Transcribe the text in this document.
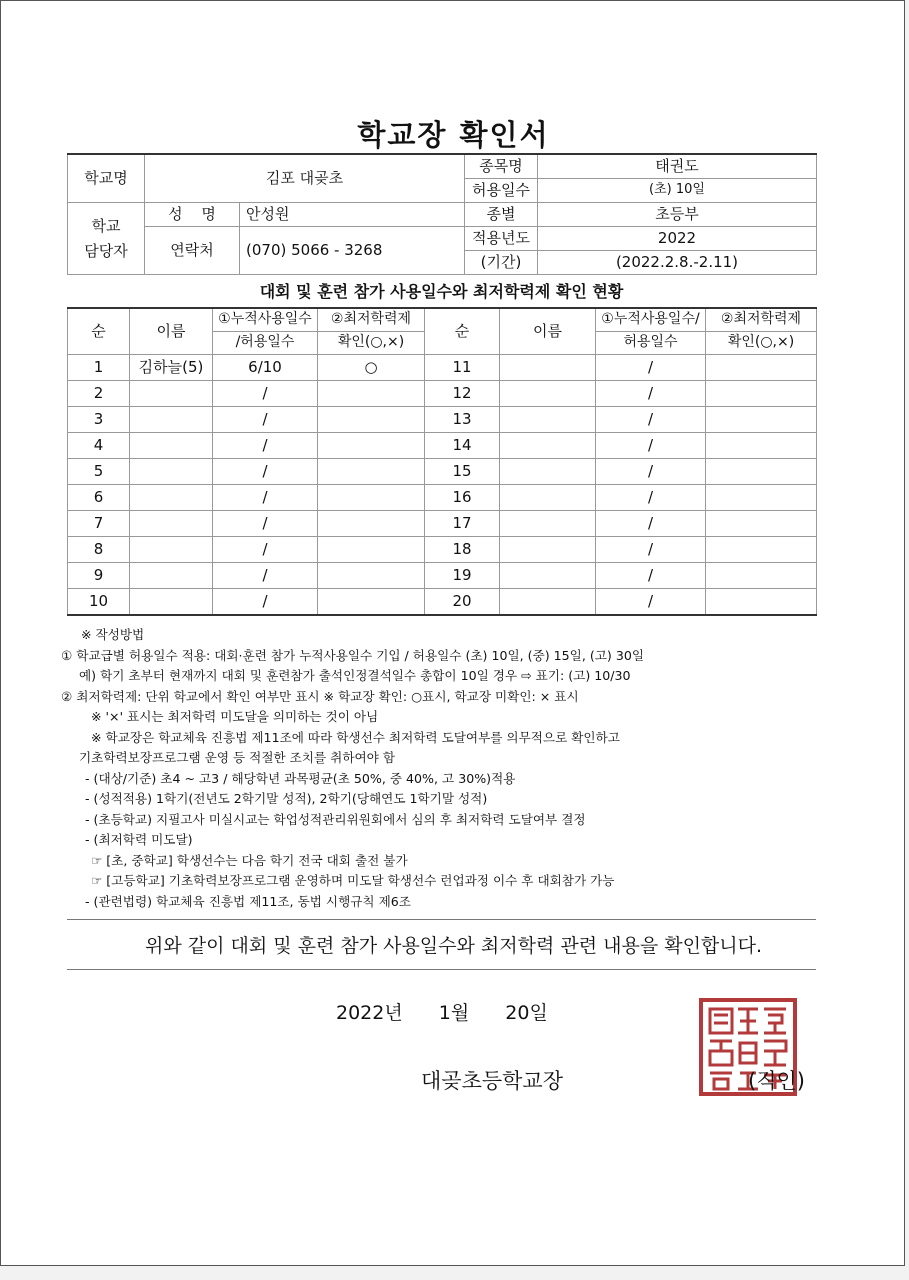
학교장 확인서
학교명	김포 대곶초		종목명	태권도
			허용일수	(초) 10일

학교
담당자	성 명	안성원	종별	초등부
	연락처	(070) 5066 - 3268	적용년도	2022
			(기간)	(2022.2.8.-2.11)
대회 및 훈련 참가 사용일수와 최저학력제 확인 현황
순	이름	①누적사용일수	②최저학력제	순	이름	①누적사용일수/	②최저학력제
		/허용일수	확인(○,×)			허용일수	확인(○,×)
1	김하늘(5)	6/10	○	11		/	
2		/		12		/	
3		/		13		/	
4		/		14		/	
5		/		15		/	
6		/		16		/	
7		/		17		/	
8		/		18		/	
9		/		19		/	
10		/		20		/	
※ 작성방법
① 학교급별 허용일수 적용: 대회·훈련 참가 누적사용일수 기입 / 허용일수 (초) 10일, (중) 15일, (고) 30일
예) 학기 초부터 현재까지 대회 및 훈련참가 출석인정결석일수 총합이 10일 경우 ⇨ 표기: (고) 10/30
② 최저학력제: 단위 학교에서 확인 여부만 표시 ※ 학교장 확인: ○표시, 학교장 미확인: × 표시
※ '×' 표시는 최저학력 미도달을 의미하는 것이 아님
※ 학교장은 학교체육 진흥법 제11조에 따라 학생선수 최저학력 도달여부를 의무적으로 확인하고
기초학력보장프로그램 운영 등 적절한 조치를 취하여야 함
- (대상/기준) 초4 ~ 고3 / 해당학년 과목평균(초 50%, 중 40%, 고 30%)적용
- (성적적용) 1학기(전년도 2학기말 성적), 2학기(당해연도 1학기말 성적)
- (초등학교) 지필고사 미실시교는 학업성적관리위원회에서 심의 후 최저학력 도달여부 결정
- (최저학력 미도달)
☞ [초, 중학교] 학생선수는 다음 학기 전국 대회 출전 불가
☞ [고등학교] 기초학력보장프로그램 운영하며 미도달 학생선수 런업과정 이수 후 대회참가 가능
- (관련법령) 학교체육 진흥법 제11조, 동법 시행규칙 제6조
위와 같이 대회 및 훈련 참가 사용일수와 최저학력 관련 내용을 확인합니다.
2022년 1월 20일
대곶초등학교장	(직인)
